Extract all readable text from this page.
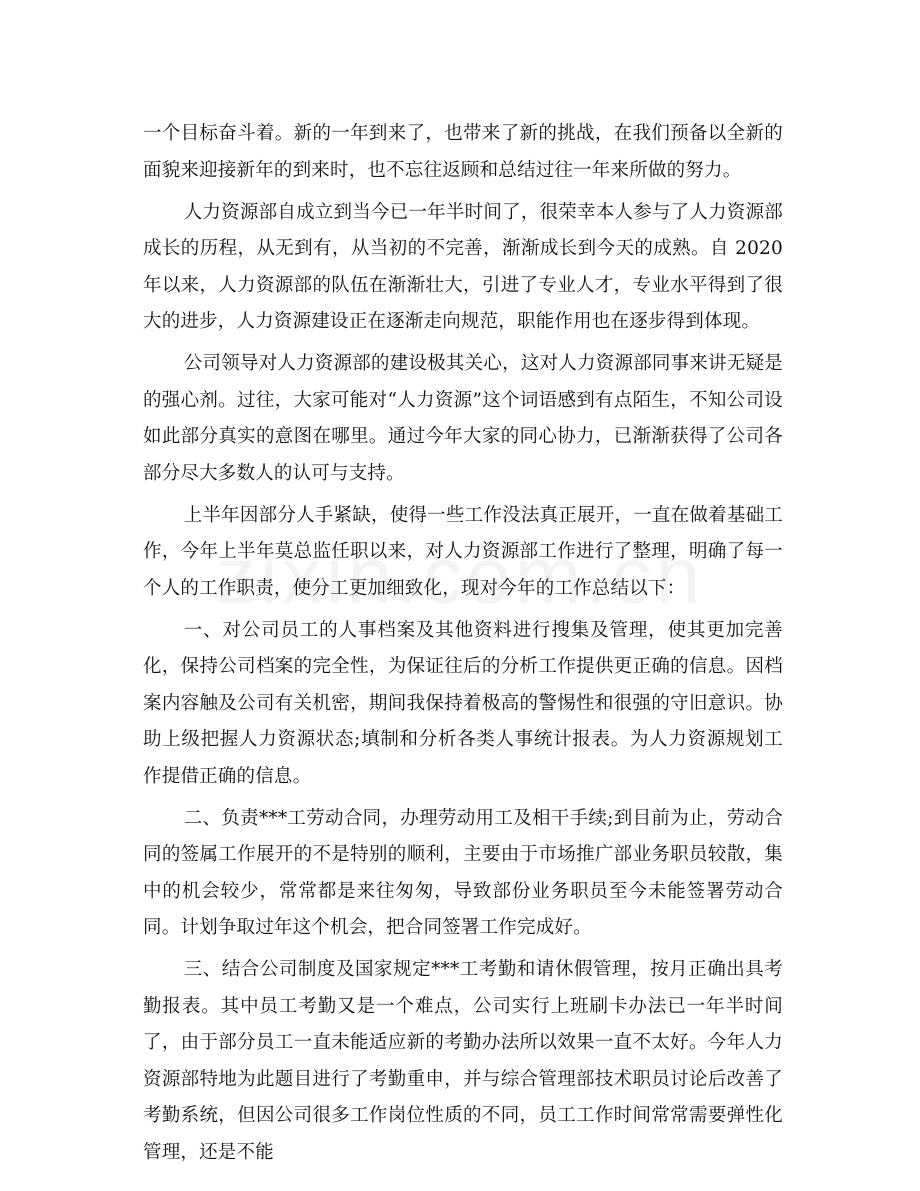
一个目标奋斗着。新的一年到来了，也带来了新的挑战，在我们预备以全新的面貌来迎接新年的到来时，也不忘往返顾和总结过往一年来所做的努力。

人力资源部自成立到当今已一年半时间了，很荣幸本人参与了人力资源部成长的历程，从无到有，从当初的不完善，渐渐成长到今天的成熟。自 2020 年以来，人力资源部的队伍在渐渐壮大，引进了专业人才，专业水平得到了很大的进步，人力资源建设正在逐渐走向规范，职能作用也在逐步得到体现。

公司领导对人力资源部的建设极其关心，这对人力资源部同事来讲无疑是的强心剂。过往，大家可能对“人力资源”这个词语感到有点陌生，不知公司设如此部分真实的意图在哪里。通过今年大家的同心协力，已渐渐获得了公司各部分尽大多数人的认可与支持。

上半年因部分人手紧缺，使得一些工作没法真正展开，一直在做着基础工作，今年上半年莫总监任职以来，对人力资源部工作进行了整理，明确了每一个人的工作职责，使分工更加细致化，现对今年的工作总结以下：

一、对公司员工的人事档案及其他资料进行搜集及管理，使其更加完善化，保持公司档案的完全性，为保证往后的分析工作提供更正确的信息。因档案内容触及公司有关机密，期间我保持着极高的警惕性和很强的守旧意识。协助上级把握人力资源状态;填制和分析各类人事统计报表。为人力资源规划工作提借正确的信息。

二、负责***工劳动合同，办理劳动用工及相干手续;到目前为止，劳动合同的签属工作展开的不是特别的顺利，主要由于市场推广部业务职员较散，集中的机会较少，常常都是来往匆匆，导致部份业务职员至今未能签署劳动合同。计划争取过年这个机会，把合同签署工作完成好。

三、结合公司制度及国家规定***工考勤和请休假管理，按月正确出具考勤报表。其中员工考勤又是一个难点，公司实行上班刷卡办法已一年半时间了，由于部分员工一直未能适应新的考勤办法所以效果一直不太好。今年人力资源部特地为此题目进行了考勤重申，并与综合管理部技术职员讨论后改善了考勤系统，但因公司很多工作岗位性质的不同，员工工作时间常常需要弹性化管理，还是不能
